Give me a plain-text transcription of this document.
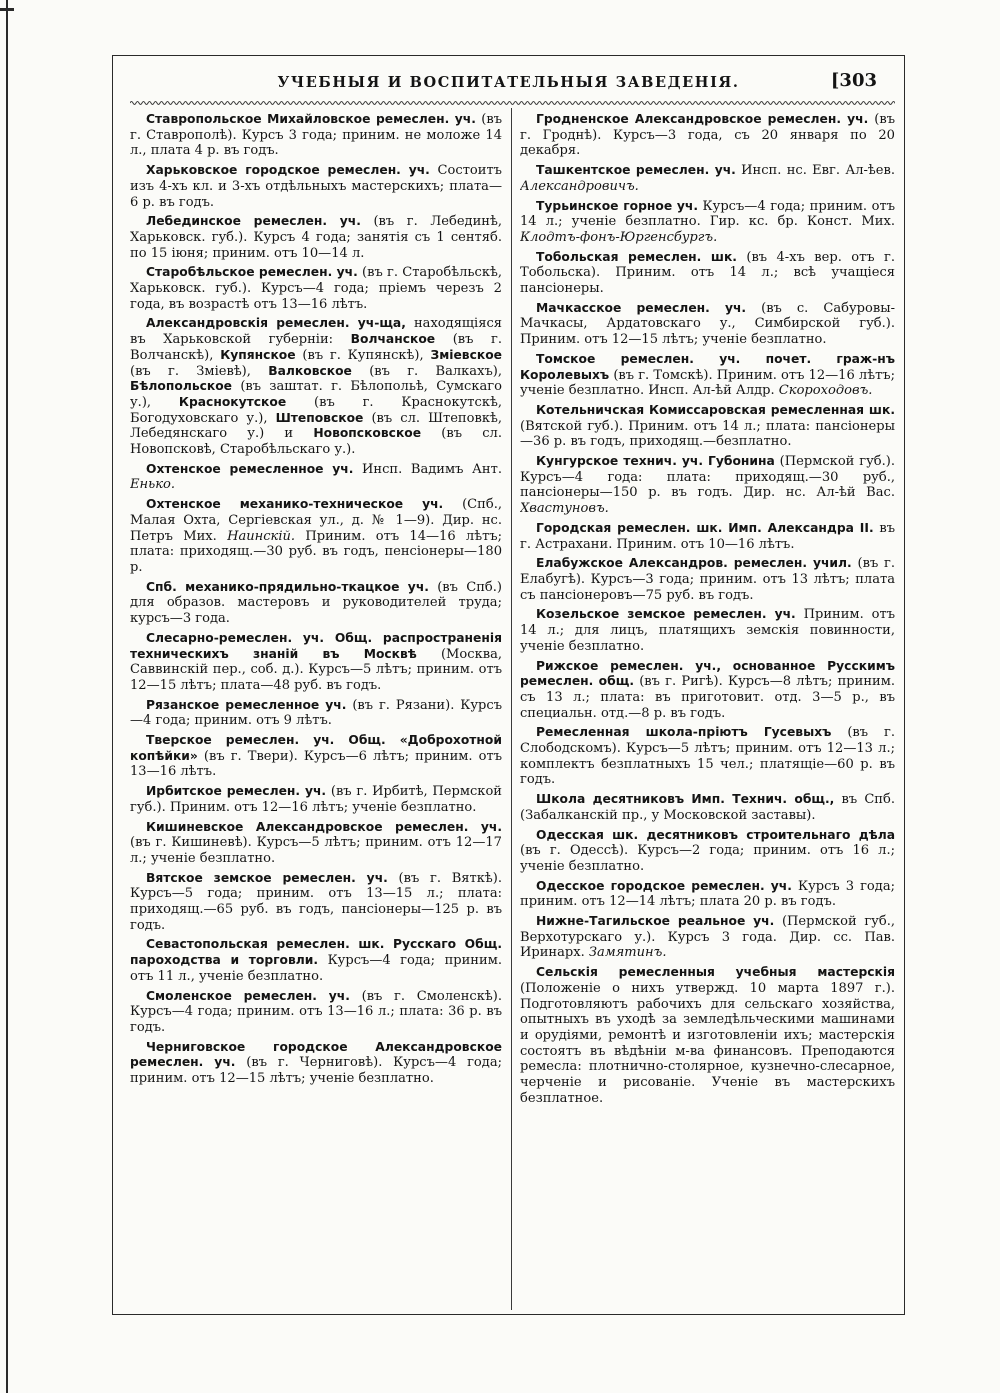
УЧЕБНЫЯ И ВОСПИТАТЕЛЬНЫЯ ЗАВЕДЕНІЯ.	[303

Ставропольское Михайловское ремеслен. уч. (въ г. Ставрополѣ). Курсъ 3 года; приним. не моложе 14 л., плата 4 р. въ годъ.

Харьковское городское ремеслен. уч. Состоитъ изъ 4-хъ кл. и 3-хъ отдѣльныхъ мастерскихъ; плата—6 р. въ годъ.

Лебединское ремеслен. уч. (въ г. Лебединѣ, Харьковск. губ.). Курсъ 4 года; занятія съ 1 сентяб. по 15 іюня; приним. отъ 10—14 л.

Старобѣльское ремеслен. уч. (въ г. Старобѣльскѣ, Харьковск. губ.). Курсъ—4 года; пріемъ черезъ 2 года, въ возрастѣ отъ 13—16 лѣтъ.

Александровскія ремеслен. уч-ща, находящіяся въ Харьковской губерніи: Волчанское (въ г. Волчанскѣ), Купянское (въ г. Купянскѣ), Зміевское (въ г. Зміевѣ), Валковское (въ г. Валкахъ), Бѣлопольское (въ заштат. г. Бѣлопольѣ, Сумскаго у.), Краснокутское (въ г. Краснокутскѣ, Богодуховскаго у.), Штеповское (въ сл. Штеповкѣ, Лебедянскаго у.) и Новопсковское (въ сл. Новопсковѣ, Старобѣльскаго у.).

Охтенское ремесленное уч. Инсп. Вадимъ Ант. Енько.

Охтенское механико-техническое уч. (Спб., Малая Охта, Сергіевская ул., д. № 1—9). Дир. нс. Петръ Мих. Наинскій. Приним. отъ 14—16 лѣтъ; плата: приходящ.—30 руб. въ годъ, пенсіонеры—180 р.

Спб. механико-прядильно-ткацкое уч. (въ Спб.) для образов. мастеровъ и руководителей труда; курсъ—3 года.

Слесарно-ремеслен. уч. Общ. распространенія техническихъ знаній въ Москвѣ (Москва, Саввинскій пер., соб. д.). Курсъ—5 лѣтъ; приним. отъ 12—15 лѣтъ; плата—48 руб. въ годъ.

Рязанское ремесленное уч. (въ г. Рязани). Курсъ—4 года; приним. отъ 9 лѣтъ.

Тверское ремеслен. уч. Общ. «Доброхотной копѣйки» (въ г. Твери). Курсъ—6 лѣтъ; приним. отъ 13—16 лѣтъ.

Ирбитское ремеслен. уч. (въ г. Ирбитѣ, Пермской губ.). Приним. отъ 12—16 лѣтъ; ученіе безплатно.

Кишиневское Александровское ремеслен. уч. (въ г. Кишиневѣ). Курсъ—5 лѣтъ; приним. отъ 12—17 л.; ученіе безплатно.

Вятское земское ремеслен. уч. (въ г. Вяткѣ). Курсъ—5 года; приним. отъ 13—15 л.; плата: приходящ.—65 руб. въ годъ, пансіонеры—125 р. въ годъ.

Севастопольская ремеслен. шк. Русскаго Общ. пароходства и торговли. Курсъ—4 года; приним. отъ 11 л., ученіе безплатно.

Смоленское ремеслен. уч. (въ г. Смоленскѣ). Курсъ—4 года; приним. отъ 13—16 л.; плата: 36 р. въ годъ.

Черниговское городское Александровское ремеслен. уч. (въ г. Черниговѣ). Курсъ—4 года; приним. отъ 12—15 лѣтъ; ученіе безплатно.

Гродненское Александровское ремеслен. уч. (въ г. Гроднѣ). Курсъ—3 года, съ 20 января по 20 декабря.

Ташкентское ремеслен. уч. Инсп. нс. Евг. Ал-ѣев. Александровичъ.

Турьинское горное уч. Курсъ—4 года; приним. отъ 14 л.; ученіе безплатно. Гир. кс. бр. Конст. Мих. Клодтъ-фонъ-Юргенсбургъ.

Тобольская ремеслен. шк. (въ 4-хъ вер. отъ г. Тобольска). Приним. отъ 14 л.; всѣ учащіеся пансіонеры.

Мачкасское ремеслен. уч. (въ с. Сабуровы-Мачкасы, Ардатовскаго у., Симбирской губ.). Приним. отъ 12—15 лѣтъ; ученіе безплатно.

Томское ремеслен. уч. почет. граж-нъ Королевыхъ (въ г. Томскѣ). Приним. отъ 12—16 лѣтъ; ученіе безплатно. Инсп. Ал-ѣй Алдр. Скороходовъ.

Котельничская Комиссаровская ремесленная шк. (Вятской губ.). Приним. отъ 14 л.; плата: пансіонеры—36 р. въ годъ, приходящ.—безплатно.

Кунгурское технич. уч. Губонина (Пермской губ.). Курсъ—4 года: плата: приходящ.—30 руб., пансіонеры—150 р. въ годъ. Дир. нс. Ал-ѣй Вас. Хвастуновъ.

Городская ремеслен. шк. Имп. Александра II. въ г. Астрахани. Приним. отъ 10—16 лѣтъ.

Елабужское Александров. ремеслен. учил. (въ г. Елабугѣ). Курсъ—3 года; приним. отъ 13 лѣтъ; плата съ пансіонеровъ—75 руб. въ годъ.

Козельское земское ремеслен. уч. Приним. отъ 14 л.; для лицъ, платящихъ земскія повинности, ученіе безплатно.

Рижское ремеслен. уч., основанное Русскимъ ремеслен. общ. (въ г. Ригѣ). Курсъ—8 лѣтъ; приним. съ 13 л.; плата: въ приготовит. отд. 3—5 р., въ специальн. отд.—8 р. въ годъ.

Ремесленная школа-пріютъ Гусевыхъ (въ г. Слободскомъ). Курсъ—5 лѣтъ; приним. отъ 12—13 л.; комплектъ безплатныхъ 15 чел.; платящіе—60 р. въ годъ.

Школа десятниковъ Имп. Технич. общ., въ Спб. (Забалканскій пр., у Московской заставы).

Одесская шк. десятниковъ строительнаго дѣла (въ г. Одессѣ). Курсъ—2 года; приним. отъ 16 л.; ученіе безплатно.

Одесское городское ремеслен. уч. Курсъ 3 года; приним. отъ 12—14 лѣтъ; плата 20 р. въ годъ.

Нижне-Тагильское реальное уч. (Пермской губ., Верхотурскаго у.). Курсъ 3 года. Дир. сс. Пав. Иринарх. Замятинъ.

Сельскія ремесленныя учебныя мастерскія (Положеніе о нихъ утвержд. 10 марта 1897 г.). Подготовляютъ рабочихъ для сельскаго хозяйства, опытныхъ въ уходѣ за земледѣльческими машинами и орудіями, ремонтѣ и изготовленіи ихъ; мастерскія состоятъ въ вѣдѣніи м-ва финансовъ. Преподаются ремесла: плотнично-столярное, кузнечно-слесарное, черченіе и рисованіе. Ученіе въ мастерскихъ безплатное.
